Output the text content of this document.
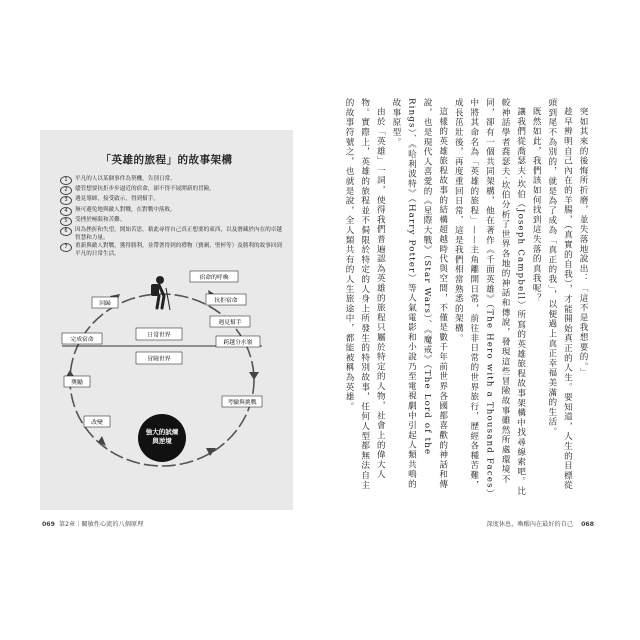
「英雄的旅程」的故事架構
1	平凡的人以某個事件為契機，告別日常。
2	儘管想要抗拒步步逼近的宿命，卻不得不展開新的冒險。
3	遇見導師，接受啟示，得到幫手。
4	無可避免地與敵人對戰，在對戰中落敗。
5	受挫於極限和苦難。
6	因為挫折和失望，開始苦思，藉此尋得自己真正想要的東西，以及潛藏於內在的卓越智慧和力量。
7	重新與敵人對戰，獲得勝利，並帶著得到的禮物（寶劍、聖杯等）及勝利的故事回到平凡的日常生活。
日常世界
冒險世界
強大的試煉與逆境
宿命的呼喚
抗拒宿命
遇見幫手
跨越分水嶺
考驗與挑戰
改變
獎勵
完成宿命
回歸
069 第2章｜關敏性心流的八個原理

突如其來的後悔所折磨，並失落地說出：「這不是我想要的。」

趁早辨明自己內在的羊腸，（真實的自我），才能開始真正的人生。要知道，人生的目標從頭到尾不為別的，就是為了成為「真正的我」，以便過上真正幸福美滿的生活。

既然如此，我們該如何找到這失落的真我呢？

讓我們從喬瑟夫·坎伯（Joseph Campbell）所寫的英雄旅程故事架構中找尋線索吧。比較神話學者喬瑟夫·坎伯分析了世界各地的神話和傳說，發現這些冒險故事雖然所處環境不同，卻有一個共同架構，他在著作《千面英雄》（The Hero with a Thousand Faces）中將其命名為「英雄的旅程」——主角離開日常，前往非日常的世界旅行，歷經各種苦難，成長茁壯後，再度重回日常，這是我們相當熟悉的架構。

這樣的英雄旅程故事的結構超越時代與空間，不僅是數千年前世界各國都喜歡的神話和傳說，也是現代人喜愛的《星際大戰》（Star Wars）、《魔戒》（The Lord of the Rings）、《哈利波特》（Harry Potter）等人氣電影和小說乃至電視劇中引起人類共鳴的故事原型。

由於「英雄」一詞，使得我們普遍認為英雄的旅程只屬於特定的人物，社會上的偉大人物。實際上，英雄的旅程並不侷限於特定的人身上所發生的特別故事，任何人型都無法自主的故事符號之，也就是說，全人類共有的人生旅途中，都能被稱為英雄。

深度休息，喚醒內在最好的自己 068
